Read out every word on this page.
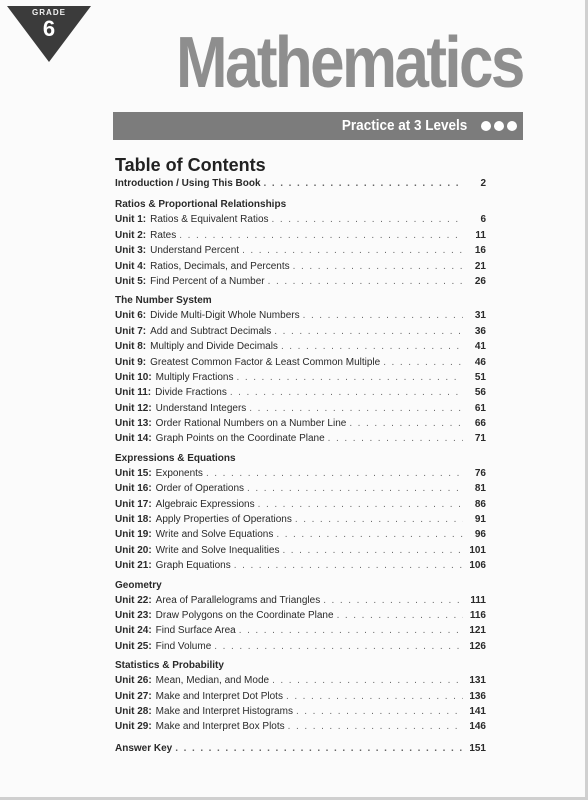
GRADE
6	Mathematics
Practice at 3 Levels
Table of Contents
Introduction / Using This Book . . .	2
Ratios & Proportional Relationships
Unit 1: Ratios & Equivalent Ratios . . .	6
Unit 2: Rates . . .	11
Unit 3: Understand Percent . . .	16
Unit 4: Ratios, Decimals, and Percents . . .	21
Unit 5: Find Percent of a Number . . .	26
The Number System
Unit 6: Divide Multi-Digit Whole Numbers . . .	31
Unit 7: Add and Subtract Decimals . . .	36
Unit 8: Multiply and Divide Decimals . . .	41
Unit 9: Greatest Common Factor & Least Common Multiple . . .	46
Unit 10: Multiply Fractions . . .	51
Unit 11: Divide Fractions . . .	56
Unit 12: Understand Integers . . .	61
Unit 13: Order Rational Numbers on a Number Line . . .	66
Unit 14: Graph Points on the Coordinate Plane . . .	71
Expressions & Equations
Unit 15: Exponents . . .	76
Unit 16: Order of Operations . . .	81
Unit 17: Algebraic Expressions . . .	86
Unit 18: Apply Properties of Operations . . .	91
Unit 19: Write and Solve Equations . . .	96
Unit 20: Write and Solve Inequalities . . .	101
Unit 21: Graph Equations . . .	106
Geometry
Unit 22: Area of Parallelograms and Triangles . . .	111
Unit 23: Draw Polygons on the Coordinate Plane . . .	116
Unit 24: Find Surface Area . . .	121
Unit 25: Find Volume . . .	126
Statistics & Probability
Unit 26: Mean, Median, and Mode . . .	131
Unit 27: Make and Interpret Dot Plots . . .	136
Unit 28: Make and Interpret Histograms . . .	141
Unit 29: Make and Interpret Box Plots . . .	146
Answer Key . . .	151
